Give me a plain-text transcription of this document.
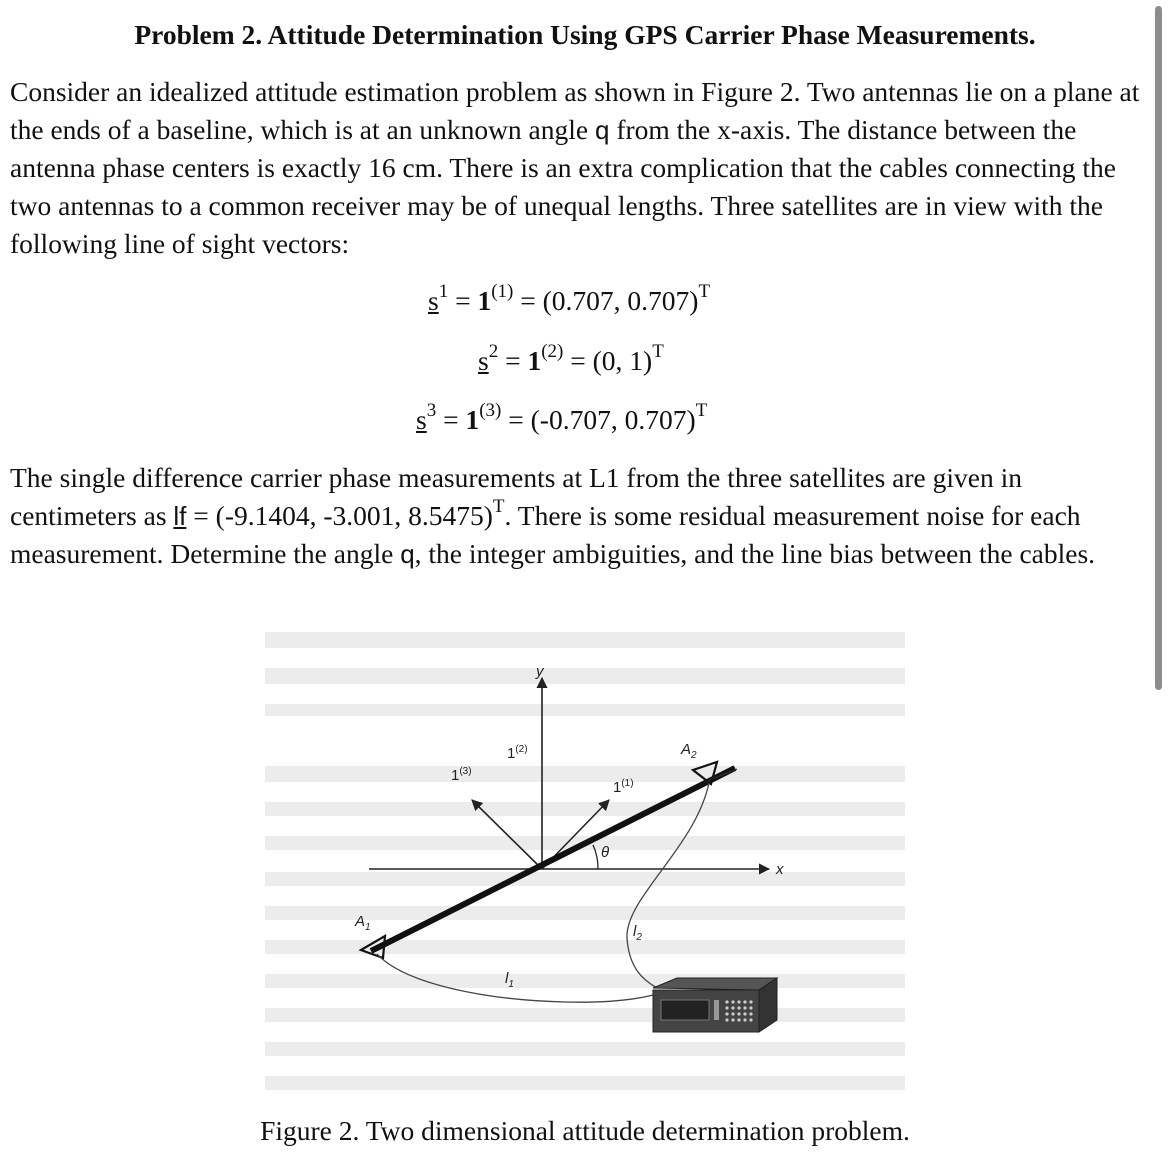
Problem 2. Attitude Determination Using GPS Carrier Phase Measurements.
Consider an idealized attitude estimation problem as shown in Figure 2. Two antennas lie on a plane at the ends of a baseline, which is at an unknown angle q from the x-axis. The distance between the antenna phase centers is exactly 16 cm. There is an extra complication that the cables connecting the two antennas to a common receiver may be of unequal lengths. Three satellites are in view with the following line of sight vectors:
$s^1 = 1^{(1)} = (0.707$, 0.707)$^T$
$s^2 = 1^{(2)} = (0$, 1)$^T$
$s^3 = 1^{(3)} = (-0.707$, 0.707)$^T$
The single difference carrier phase measurements at L1 from the three satellites are given in centimeters as lf = (-9.1404, -3.001, 8.5475)$^T$. There is some residual measurement noise for each measurement. Determine the angle q, the integer ambiguities, and the line bias between the cables.
y
x
θ
1$^{(2)}$
1$^{(3)}$
1$^{(1)}$
$A_1$
$A_2$
$l_1$
$l_2$
Figure 2. Two dimensional attitude determination problem.
